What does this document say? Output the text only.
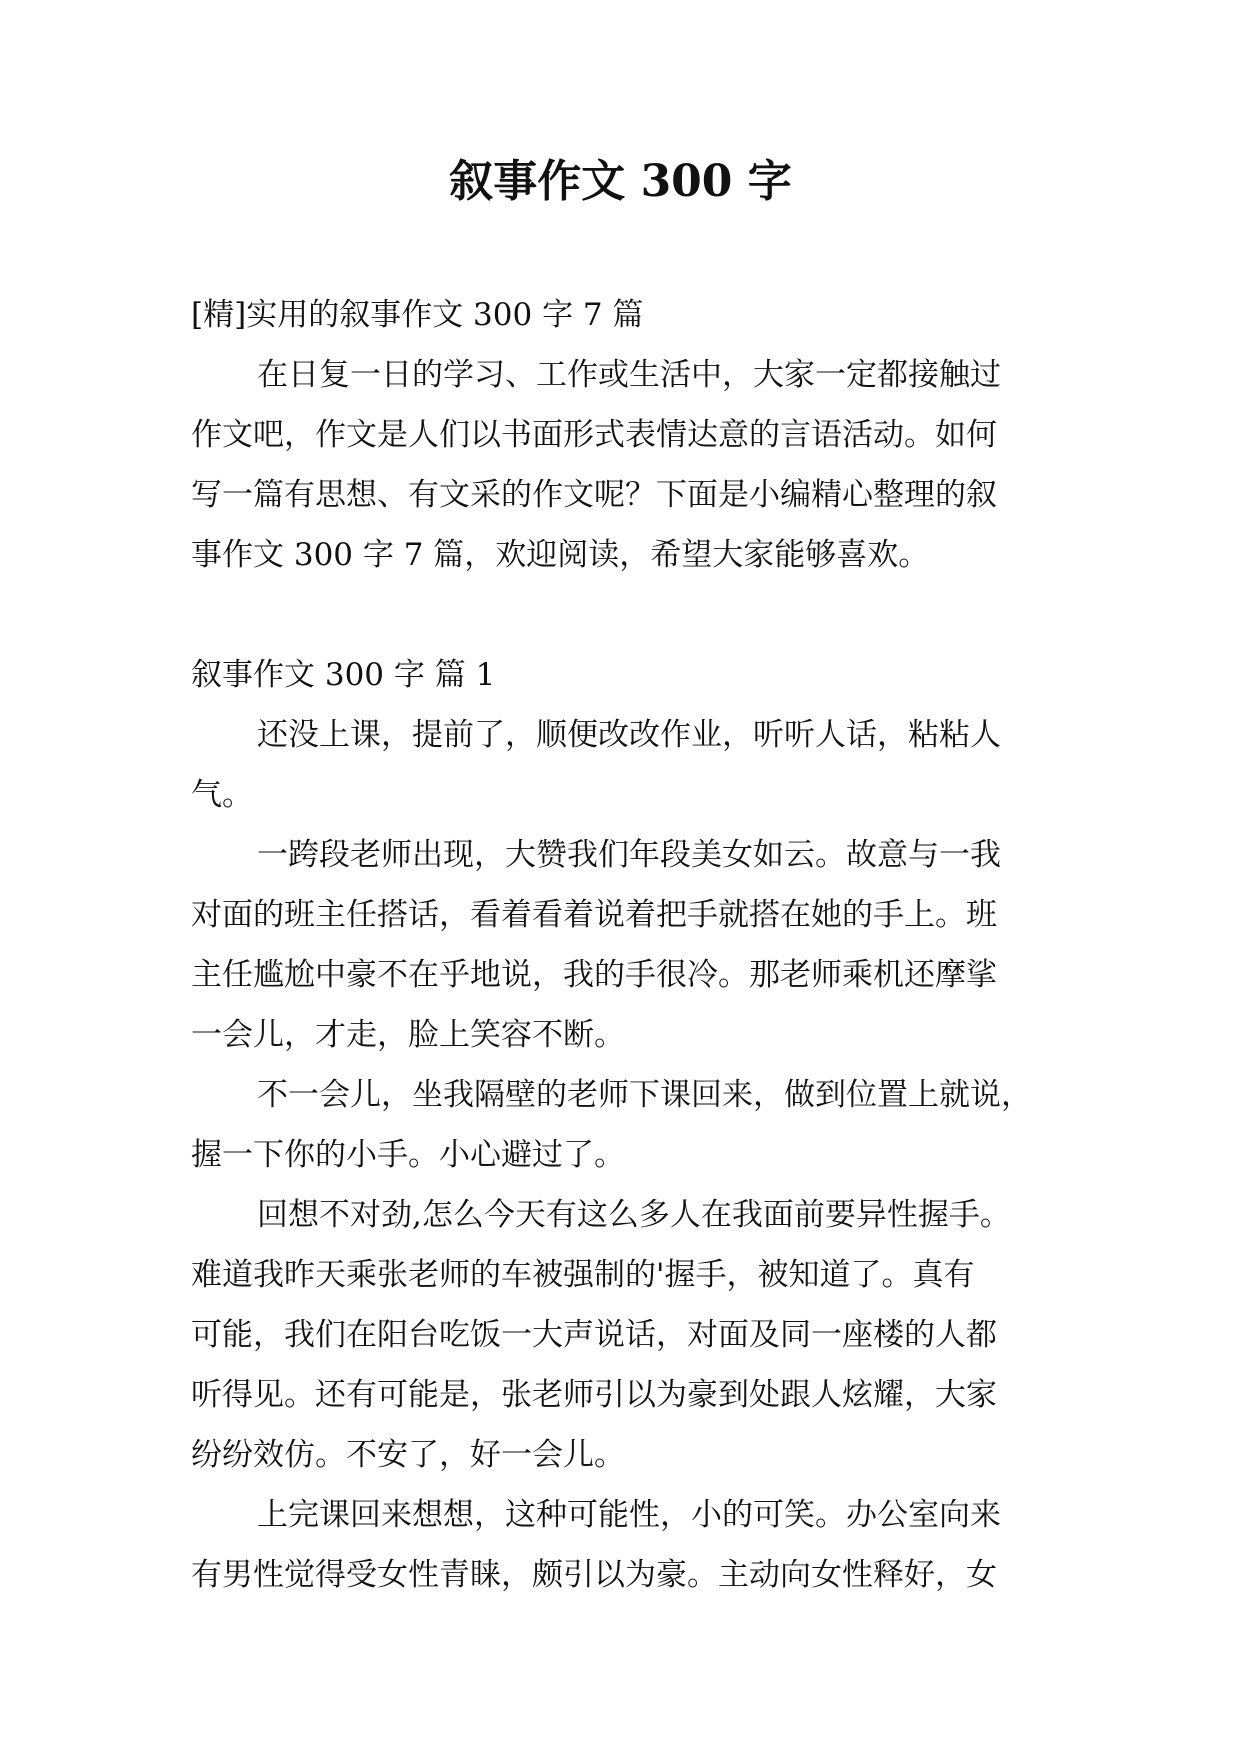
叙事作文 300 字

[精]实用的叙事作文 300 字 7 篇

在日复一日的学习、工作或生活中，大家一定都接触过
作文吧，作文是人们以书面形式表情达意的言语活动。如何
写一篇有思想、有文采的作文呢？下面是小编精心整理的叙
事作文 300 字 7 篇，欢迎阅读，希望大家能够喜欢。

叙事作文 300 字 篇 1

还没上课，提前了，顺便改改作业，听听人话，粘粘人
气。
一跨段老师出现，大赞我们年段美女如云。故意与一我
对面的班主任搭话，看着看着说着把手就搭在她的手上。班
主任尴尬中豪不在乎地说，我的手很冷。那老师乘机还摩挲
一会儿，才走，脸上笑容不断。
不一会儿，坐我隔壁的老师下课回来，做到位置上就说，
握一下你的小手。小心避过了。
回想不对劲,怎么今天有这么多人在我面前要异性握手。
难道我昨天乘张老师的车被强制的'握手，被知道了。真有
可能，我们在阳台吃饭一大声说话，对面及同一座楼的人都
听得见。还有可能是，张老师引以为豪到处跟人炫耀，大家
纷纷效仿。不安了，好一会儿。
上完课回来想想，这种可能性，小的可笑。办公室向来
有男性觉得受女性青睐，颇引以为豪。主动向女性释好，女
